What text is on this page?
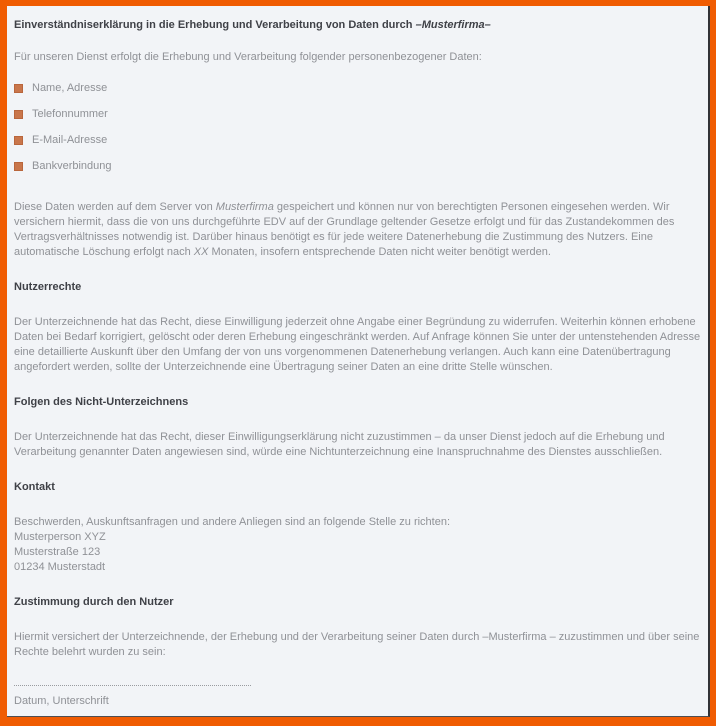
Einverständniserklärung in die Erhebung und Verarbeitung von Daten durch –Musterfirma–

Für unseren Dienst erfolgt die Erhebung und Verarbeitung folgender personenbezogener Daten:

Name, Adresse
Telefonnummer
E-Mail-Adresse
Bankverbindung

Diese Daten werden auf dem Server von Musterfirma gespeichert und können nur von berechtigten Personen eingesehen werden. Wir versichern hiermit, dass die von uns durchgeführte EDV auf der Grundlage geltender Gesetze erfolgt und für das Zustandekommen des Vertragsverhältnisses notwendig ist. Darüber hinaus benötigt es für jede weitere Datenerhebung die Zustimmung des Nutzers. Eine automatische Löschung erfolgt nach XX Monaten, insofern entsprechende Daten nicht weiter benötigt werden.

Nutzerrechte

Der Unterzeichnende hat das Recht, diese Einwilligung jederzeit ohne Angabe einer Begründung zu widerrufen. Weiterhin können erhobene Daten bei Bedarf korrigiert, gelöscht oder deren Erhebung eingeschränkt werden. Auf Anfrage können Sie unter der untenstehenden Adresse eine detaillierte Auskunft über den Umfang der von uns vorgenommenen Datenerhebung verlangen. Auch kann eine Datenübertragung angefordert werden, sollte der Unterzeichnende eine Übertragung seiner Daten an eine dritte Stelle wünschen.

Folgen des Nicht-Unterzeichnens

Der Unterzeichnende hat das Recht, dieser Einwilligungserklärung nicht zuzustimmen – da unser Dienst jedoch auf die Erhebung und Verarbeitung genannter Daten angewiesen sind, würde eine Nichtunterzeichnung eine Inanspruchnahme des Dienstes ausschließen.

Kontakt

Beschwerden, Auskunftsanfragen und andere Anliegen sind an folgende Stelle zu richten:
Musterperson XYZ
Musterstraße 123
01234 Musterstadt

Zustimmung durch den Nutzer

Hiermit versichert der Unterzeichnende, der Erhebung und der Verarbeitung seiner Daten durch –Musterfirma – zuzustimmen und über seine Rechte belehrt wurden zu sein:

Datum, Unterschrift
